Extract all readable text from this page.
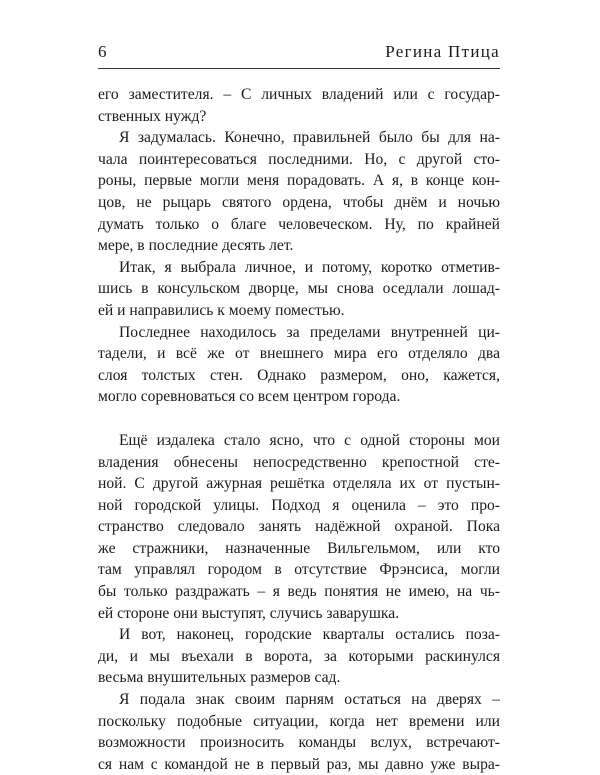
6	Регина Птица
его заместителя. – С личных владений или с государ-
ственных нужд?
Я задумалась. Конечно, правильней было бы для на-
чала поинтересоваться последними. Но, с другой сто-
роны, первые могли меня порадовать. А я, в конце кон-
цов, не рыцарь святого ордена, чтобы днём и ночью
думать только о благе человеческом. Ну, по крайней
мере, в последние десять лет.
Итак, я выбрала личное, и потому, коротко отметив-
шись в консульском дворце, мы снова оседлали лошад-
ей и направились к моему поместью.
Последнее находилось за пределами внутренней ци-
тадели, и всё же от внешнего мира его отделяло два
слоя толстых стен. Однако размером, оно, кажется,
могло соревноваться со всем центром города.
Ещё издалека стало ясно, что с одной стороны мои
владения обнесены непосредственно крепостной сте-
ной. С другой ажурная решётка отделяла их от пустын-
ной городской улицы. Подход я оценила – это про-
странство следовало занять надёжной охраной. Пока
же стражники, назначенные Вильгельмом, или кто
там управлял городом в отсутствие Фрэнсиса, могли
бы только раздражать – я ведь понятия не имею, на чь-
ей стороне они выступят, случись заварушка.
И вот, наконец, городские кварталы остались поза-
ди, и мы въехали в ворота, за которыми раскинулся
весьма внушительных размеров сад.
Я подала знак своим парням остаться на дверях –
поскольку подобные ситуации, когда нет времени или
возможности произносить команды вслух, встречают-
ся нам с командой не в первый раз, мы давно уже выра-
